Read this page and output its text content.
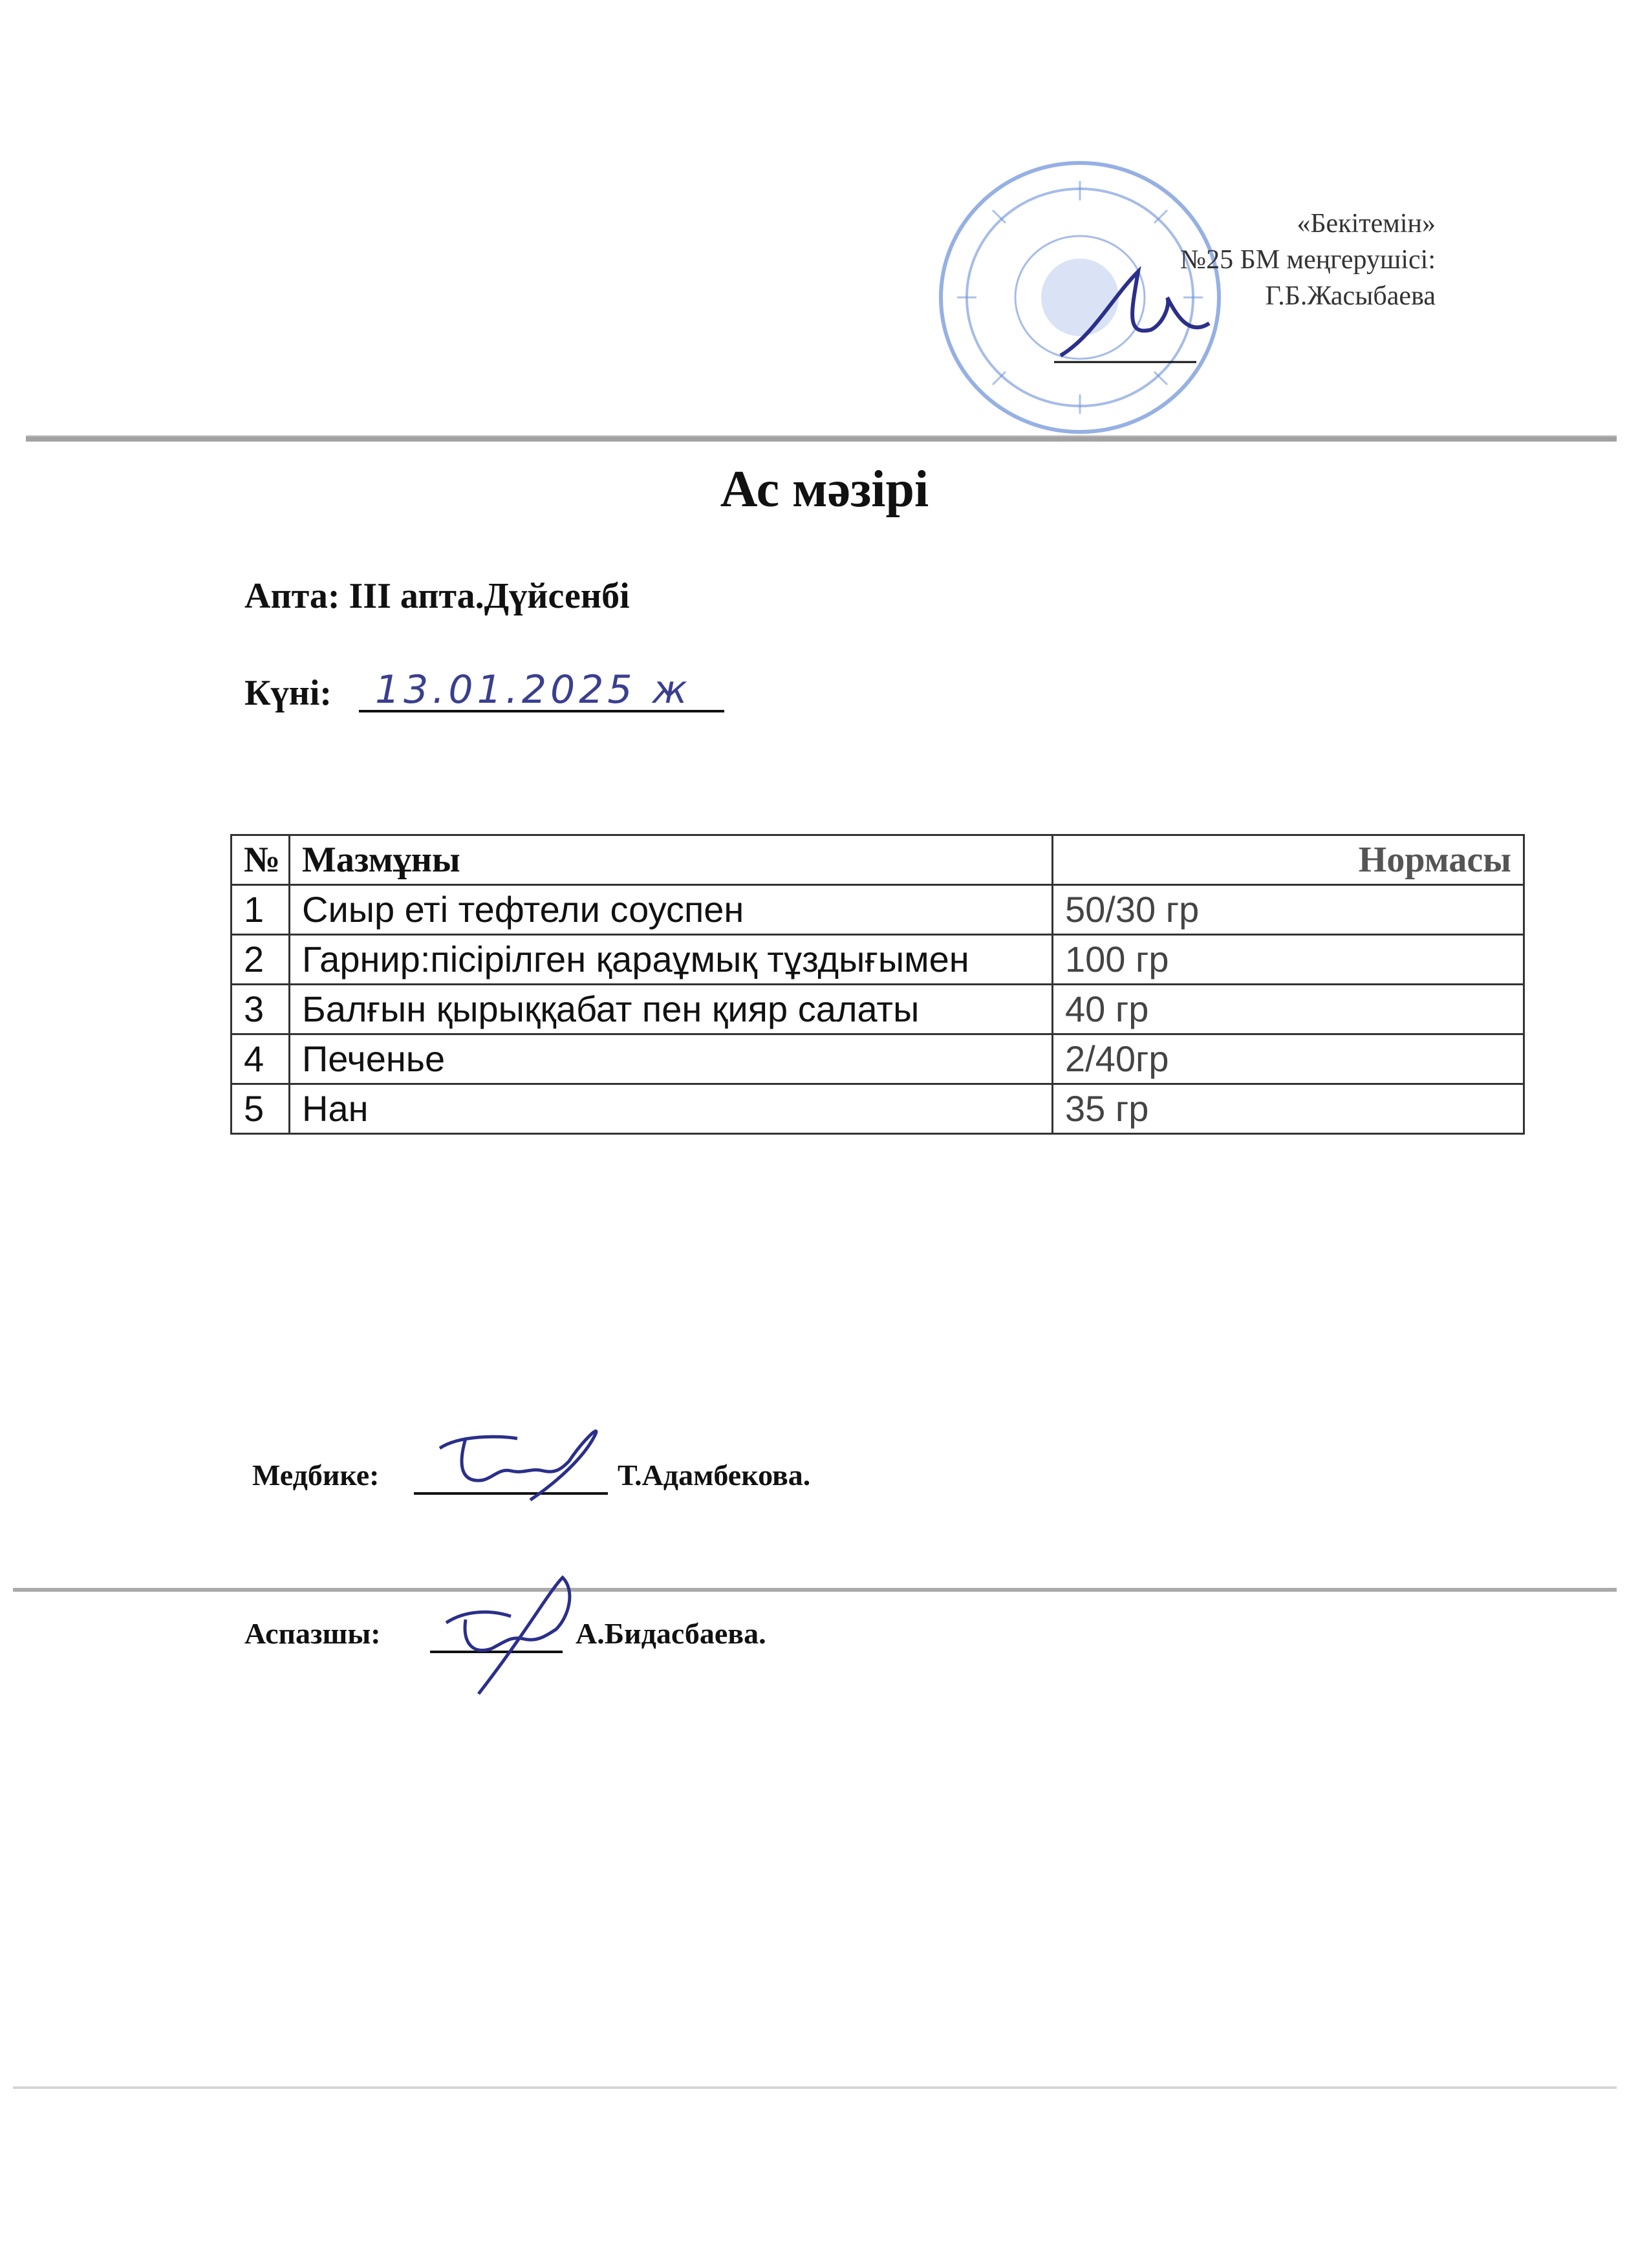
«Бекітемін»
№25 БМ меңгерушісі:
Г.Б.Жасыбаева
Ас мәзірі
Апта: ІІІ апта.Дүйсенбі
Күні: 13.01.2025 ж
№	Мазмұны	Нормасы
1	Сиыр еті тефтели соуспен	50/30 гр
2	Гарнир:пісірілген қараұмық тұздығымен	100 гр
3	Балғын қырыққабат пен қияр салаты	40 гр
4	Печенье	2/40гр
5	Нан	35 гр
Медбике:	Т.Адамбекова.
Аспазшы:	А.Бидасбаева.
